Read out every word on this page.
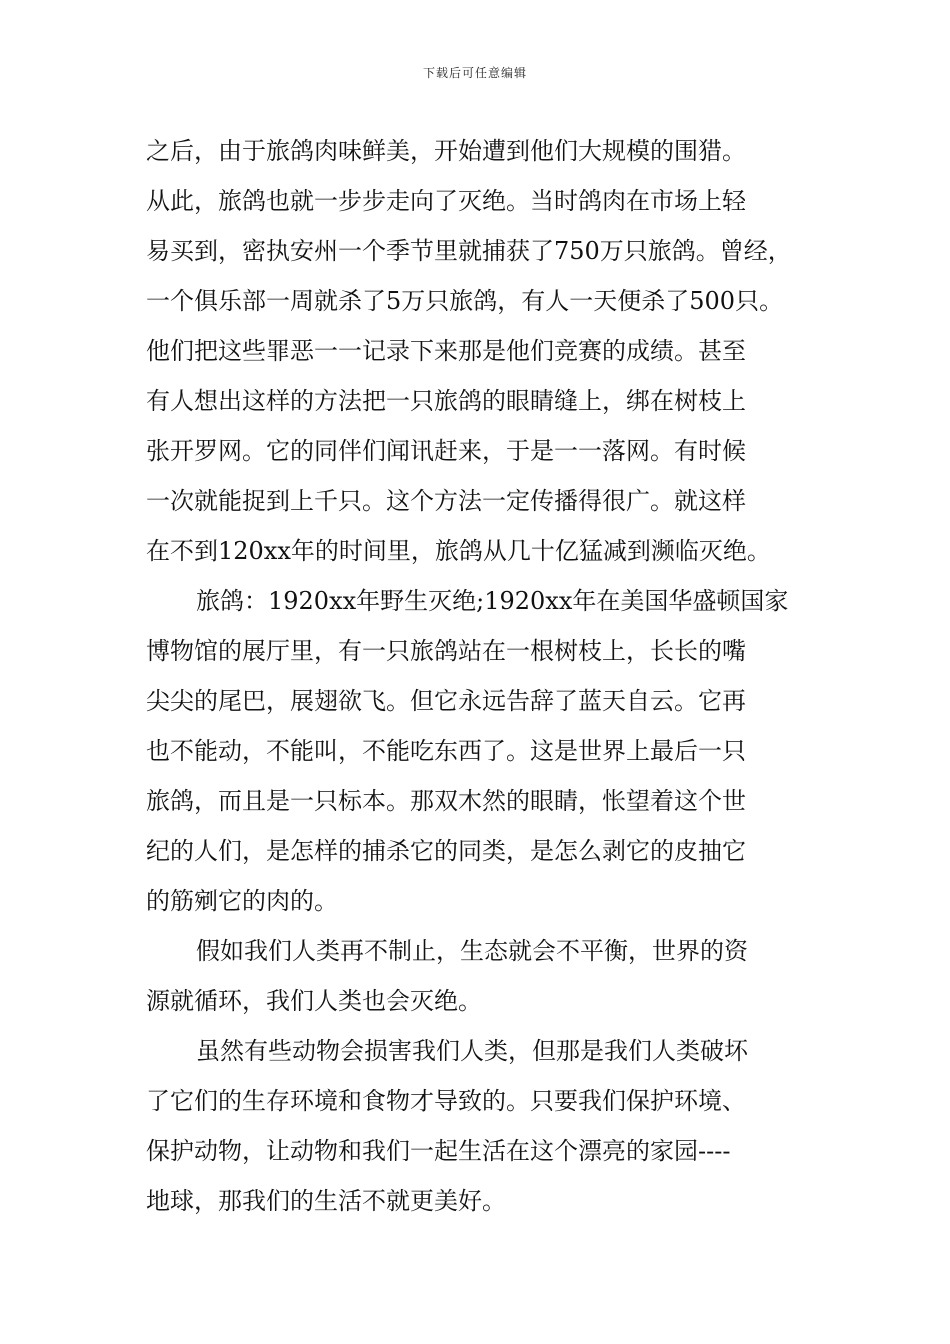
下载后可任意编辑
之后，由于旅鸽肉味鲜美，开始遭到他们大规模的围猎。
从此，旅鸽也就一步步走向了灭绝。当时鸽肉在市场上轻
易买到，密执安州一个季节里就捕获了750万只旅鸽。曾经，
一个俱乐部一周就杀了5万只旅鸽，有人一天便杀了500只。
他们把这些罪恶一一记录下来那是他们竞赛的成绩。甚至
有人想出这样的方法把一只旅鸽的眼睛缝上，绑在树枝上
张开罗网。它的同伴们闻讯赶来，于是一一落网。有时候
一次就能捉到上千只。这个方法一定传播得很广。就这样
在不到120xx年的时间里，旅鸽从几十亿猛减到濒临灭绝。
旅鸽：1920xx年野生灭绝;1920xx年在美国华盛顿国家
博物馆的展厅里，有一只旅鸽站在一根树枝上，长长的嘴
尖尖的尾巴，展翅欲飞。但它永远告辞了蓝天自云。它再
也不能动，不能叫，不能吃东西了。这是世界上最后一只
旅鸽，而且是一只标本。那双木然的眼睛，怅望着这个世
纪的人们，是怎样的捕杀它的同类，是怎么剥它的皮抽它
的筋剜它的肉的。
假如我们人类再不制止，生态就会不平衡，世界的资
源就循环，我们人类也会灭绝。
虽然有些动物会损害我们人类，但那是我们人类破坏
了它们的生存环境和食物才导致的。只要我们保护环境、
保护动物，让动物和我们一起生活在这个漂亮的家园----
地球，那我们的生活不就更美好。
